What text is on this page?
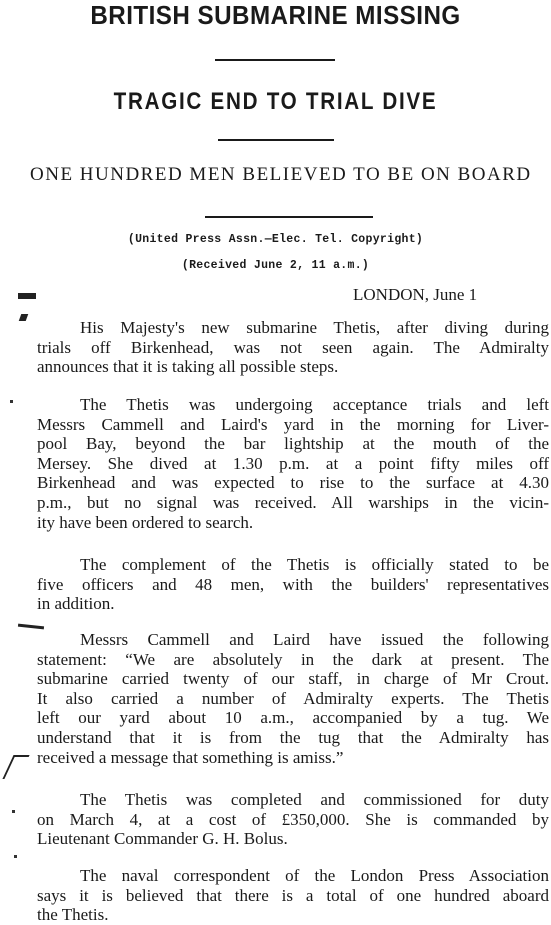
BRITISH SUBMARINE MISSING
TRAGIC END TO TRIAL DIVE
ONE HUNDRED MEN BELIEVED TO BE ON BOARD
(United Press Assn.—Elec. Tel. Copyright)
(Received June 2, 11 a.m.)
LONDON, June 1
His Majesty's new submarine Thetis, after diving during
trials off Birkenhead, was not seen again. The Admiralty
announces that it is taking all possible steps.
The Thetis was undergoing acceptance trials and left
Messrs Cammell and Laird's yard in the morning for Liver-
pool Bay, beyond the bar lightship at the mouth of the
Mersey. She dived at 1.30 p.m. at a point fifty miles off
Birkenhead and was expected to rise to the surface at 4.30
p.m., but no signal was received. All warships in the vicin-
ity have been ordered to search.
The complement of the Thetis is officially stated to be
five officers and 48 men, with the builders' representatives
in addition.
Messrs Cammell and Laird have issued the following
statement: “We are absolutely in the dark at present. The
submarine carried twenty of our staff, in charge of Mr Crout.
It also carried a number of Admiralty experts. The Thetis
left our yard about 10 a.m., accompanied by a tug. We
understand that it is from the tug that the Admiralty has
received a message that something is amiss.”
The Thetis was completed and commissioned for duty
on March 4, at a cost of £350,000. She is commanded by
Lieutenant Commander G. H. Bolus.
The naval correspondent of the London Press Association
says it is believed that there is a total of one hundred aboard
the Thetis.
